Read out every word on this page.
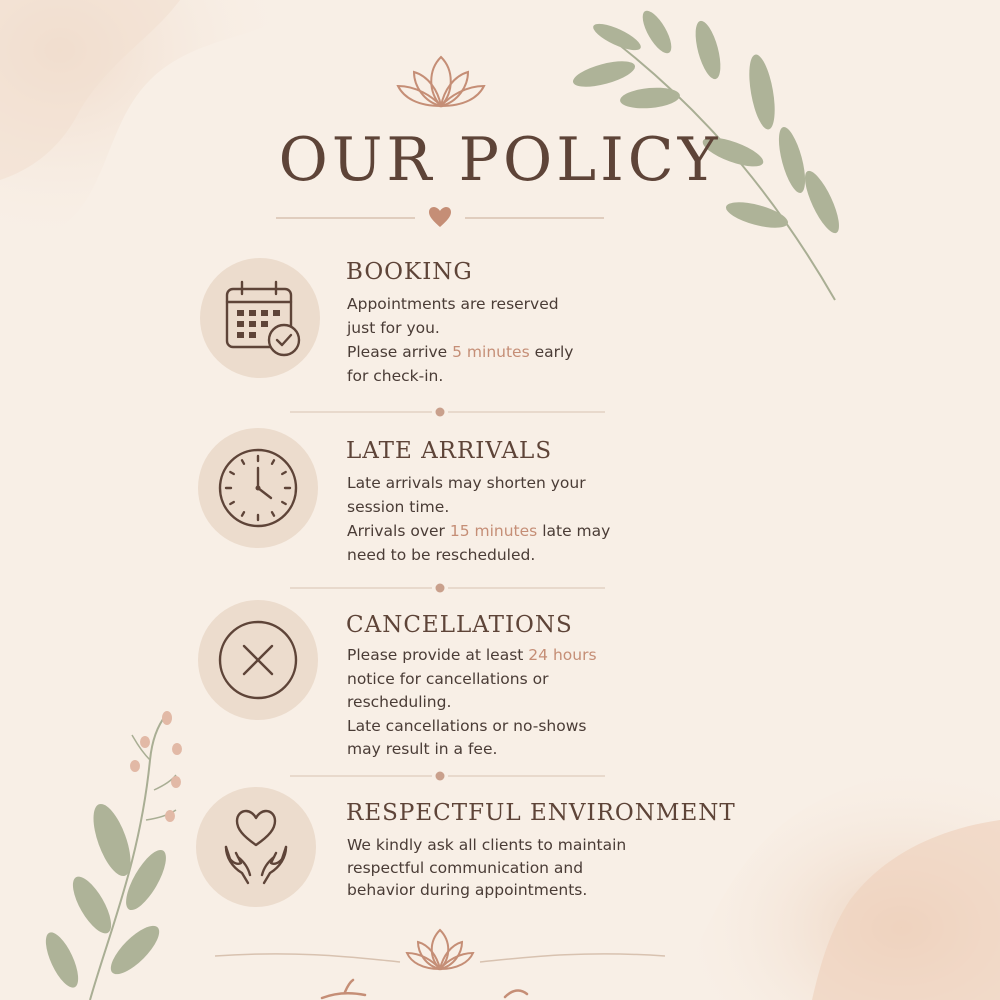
OUR POLICY
BOOKING
Appointments are reserved
just for you.
Please arrive 5 minutes early
for check-in.
LATE ARRIVALS
Late arrivals may shorten your
session time.
Arrivals over 15 minutes late may
need to be rescheduled.
CANCELLATIONS
Please provide at least 24 hours
notice for cancellations or
rescheduling.
Late cancellations or no-shows
may result in a fee.
RESPECTFUL ENVIRONMENT
We kindly ask all clients to maintain
respectful communication and
behavior during appointments.
